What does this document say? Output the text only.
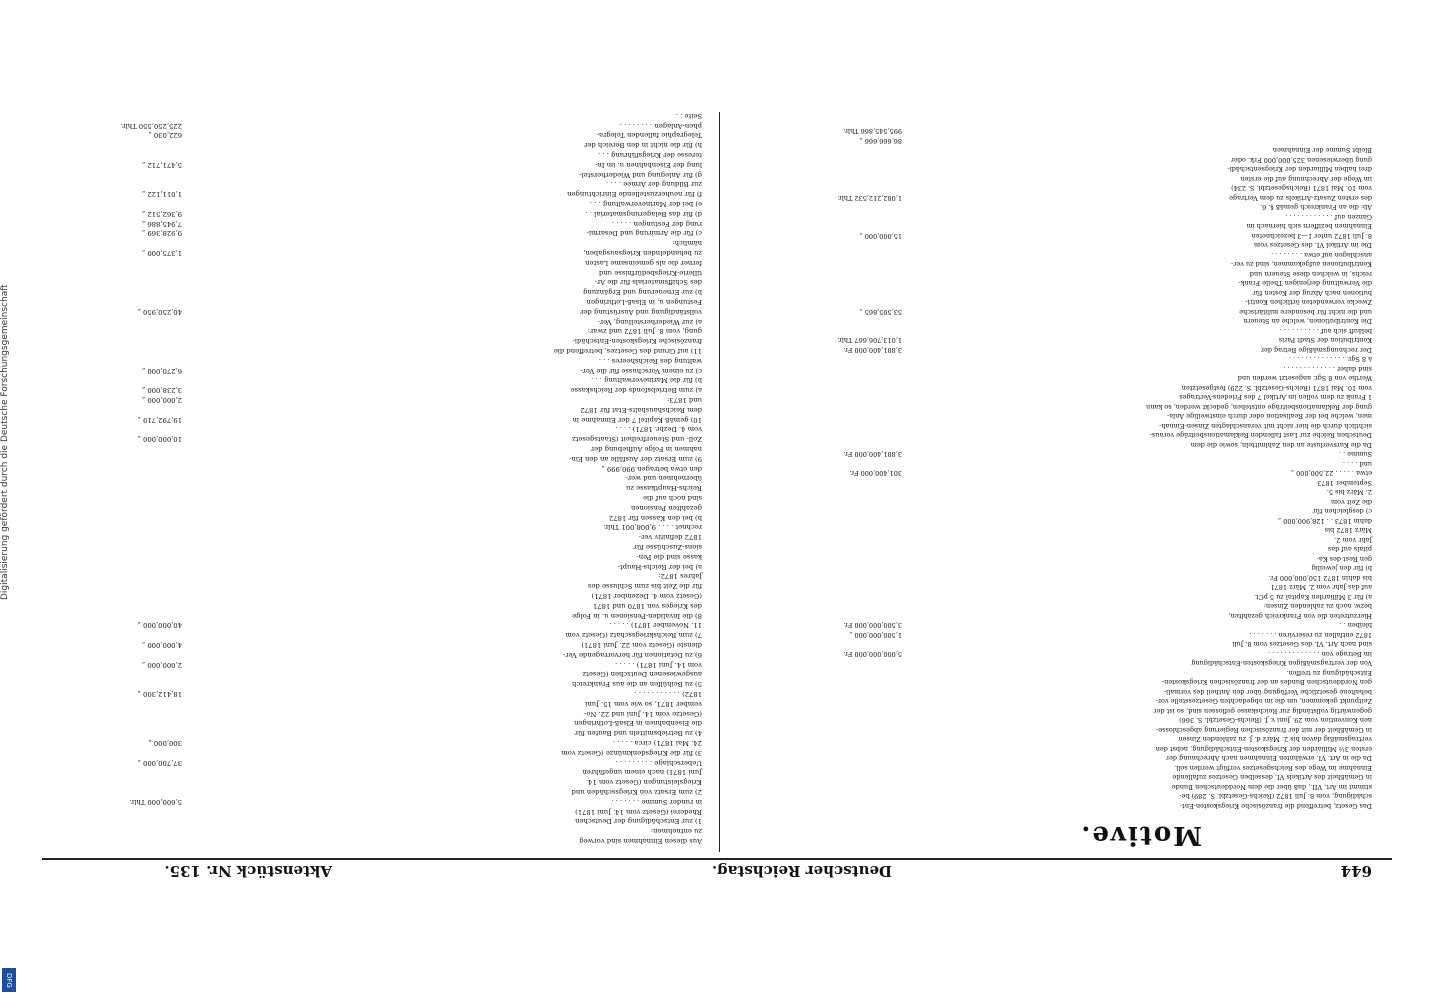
644
Deutscher Reichstag.
Aktenstück Nr. 135.
Motive.
Das Gesetz, betreffend die französische Kriegskosten-Ent-
schädigung, vom 8. Juli 1872 (Reichs-Gesetzbl. S. 289) be-
stimmt im Art. VII., daß über die dem Norddeutschen Bunde
in Gemäßheit des Artikels VI. desselben Gesetzes zufallende
Einnahme im Wege des Reichsgesetzes verfügt werden soll.
Da die in Art. VI. erwähnten Einnahmen nach Abrechnung der
ersten 3½ Milliarden der Kriegskosten-Entschädigung, nebst den
vertragsmäßig davon bis 2. März d. J. zu zahlenden Zinsen
in Gemäßheit der mit der französischen Regierung abgeschlosse-
nen Konvention vom 29. Juni v. J. (Reichs-Gesetzbl. S. 366)
gegenwärtig vollständig zur Reichskasse geflossen sind, so ist der
Zeitpunkt gekommen, um die im obgedachten Gesetzesstelle vor-
behaltene gesetzliche Verfügung über den Antheil des vormali-
gen Norddeutschen Bundes an der französischen Kriegskosten-
Entschädigung zu treffen.
Von der vertragsmäßigen Kriegskosten-Entschädigung
im Betrage von . . . . . . . . . . . . .
sind nach Art. VI. des Gesetzes vom 8. Juli
1872 entfallen zu reserviren . . . . . . .
bleiben . .
Hierzutreten die von Frankreich gezahlten,
bezw. noch zu zahlenden Zinsen:
a) für 3 Milliarden Kapital zu 5 pCt.
auf das Jahr vom 2. März 1871
bis dahin 1872 150,000,000 Fr.
b) für den jeweilig
gen Rest des Ka-
pitals auf das
Jahr vom 2.
März 1872 bis
dahin 1873 . . 128,900,000 „
c) desgleichen für
die Zeit vom
2. März bis 5.
September 1873
etwa . . . . . 22,500,000 „
und . . . .
Summe . .
Da die Kursverluste an den Zahlmitteln, sowie die dem
Deutschen Reiche zur Last fallenden Reklamationsbeiträge voraus-
sichtlich durch die hier nicht mit veranschlagten Zinsen-Einnah-
men, welche bei der Realisation oder durch einstweilige Anla-
gung der Reklamationsbeiträge entstehen, gedeckt werden, so kann
1 Frank zu dem vollen im Artikel 7 des Friedens-Vertrages
vom 10. Mai 1871 (Reichs-Gesetzbl. S. 229) festgesetzten
Werthe von 8 Sgr. angesetzt werden und
sind daher . . . . . . . . . . . . .
à 8 Sgr. . . . . . . . . . . . . . .
Der rechnungsmäßige Betrag der
Kontribution der Stadt Paris
beläuft sich auf . . . . . . . . . .
Die Kontributionen, welche an Steuern
und die nicht für besondere militärische
Zwecke verwendeten örtlichen Kontri-
butionen nach Abzug der Kosten für
die Verwaltung derjenigen Theile Frank-
reichs, in welchen diese Steuern und
Kontributionen aufgekommen, sind zu ver-
anschlagen auf etwa . . . . . . . .
Die im Artikel VI. des Gesetzes vom
8. Juli 1872 unter 1—3 bezeichneten
Einnahmen beziffern sich hiernach im
Ganzen auf . . . . . . . . . . . .
Ab: die an Frankreich gemäß §. 6.
des ersten Zusatz-Artikels zu dem Vertrage
vom 10. Mai 1871 (Reichsgesetzbl. S. 234)
im Wege der Abrechnung auf die ersten
drei halben Milliarden der Kriegsentschädi-
gung überwiesenen 325,000,000 Frk. oder
Bleibt Summe der Einnahmen
5,000,000,000 Fr.
1,500,000,000 „
3,500,000,000 Fr.
301,400,000 Fr.
3,801,400,000 Fr.
3,801,400,000 Fr.
1,013,706,667 Thlr.
53,505,865 „
15,000,000 „
1,082,212,532 Thlr.
86,666,666 „
995,545,866 Thlr.
Aus diesen Einnahmen sind vorweg
zu entnehmen:
1) zur Entschädigung der Deutschen
Rhederei (Gesetz vom 14. Juni 1871)
in runder Summe . . . . . . .
2) zum Ersatz von Kriegsschäden und
Kriegsleistungen (Gesetz vom 14.
Juni 1871) nach einem ungefähren
Ueberschlage . . . . . . . . .
3) für die Kriegsdenkmünze (Gesetz vom
24. Mai 1871) circa . . . . .
4) zu Betriebsmitteln und Bauten für
die Eisenbahnen in Elsaß-Lothringen
(Gesetze vom 14. Juni und 22. No-
vember 1871, so wie vom 15. Juni
1872) . . . . . . . . . . .
5) zu Beihülfen an die aus Frankreich
ausgewiesenen Deutschen (Gesetz
vom 14. Juni 1871) . . . . .
6) zu Dotationen für hervorragende Ver-
dienste (Gesetz vom 22. Juni 1871)
7) zum Reichskriegsschatz (Gesetz vom
11. November 1871) . . . . .
8) die Invaliden-Pensionen u. in Folge
des Krieges von 1870 und 1871
(Gesetz vom 4. Dezember 1871)
für die Zeit bis zum Schlusse des
Jahres 1872:
a) bei der Reichs-Haupt-
kasse sind die Pen-
sions-Zuschüsse für
1872 definitiv ver-
rechnet . . . . 9,008,001 Thlr.
b) bei den Kassen für 1872
gezahlten Pensionen
sind noch auf die
Reichs-Hauptkasse zu
übernehmen und wer-
den etwa betragen 990,999 „
9) zum Ersatz der Ausfälle an den Ein-
nahmen in Folge Aufhebung der
Zoll- und Steuerfreiheit (Staatsgesetz
vom 4. Dezbr. 1871) . . . .
10) gemäß Kapitel 7 der Einnahme in
dem Reichshaushalts-Etat für 1872
und 1873:
a) zum Betriebsfonds der Reichskasse
b) für die Marineverwaltung . . .
c) zu einem Vorschusse für die Ver-
waltung des Reichsheeres . . .
11) auf Grund des Gesetzes, betreffend die
französische Kriegskosten-Entschädi-
gung, vom 8. Juli 1872 und zwar:
a) zur Wiederherstellung, Ver-
vollständigung und Ausrüstung der
Festungen u. in Elsaß-Lothringen
b) zur Erneuerung und Ergänzung
des Schiffsmaterials für die Ar-
tillerie-Kriegsbedürfnisse und
ferner die als gemeinsame Lasten
zu behandelnden Kriegsausgaben,
nämlich:
c) für die Armirung und Desarmi-
rung der Festungen . . . . .
d) für das Belagerungsmaterial . .
e) bei der Marineverwaltung . . .
f) für neuherzustellende Einrichtungen
zur Bildung der Armee . . . .
g) für Anlegung und Wiederherstel-
lung der Eisenbahnen u. im In-
teresse der Kriegsführung . . .
h) für die nicht in den Bereich der
Telegraphie fallenden Telegra-
phen-Anlagen . . . . . . . .
Seite . .
5,600,000 Thlr.
37,700,000 „
300,000 „
18,412,300 „
2,000,000 „
4,000,000 „
40,000,000 „
10,000,000 „
19,792,719 „
2,000,000 „
3,238,000 „
6,270,000 „
40,250,950 „
1,375,000 „
9,928,369 „
7,945,886 „
9,362,512 „
1,011,122 „
5,471,712 „
622,030 „
225,250,550 Thlr.
Digitalisierung gefördert durch die Deutsche Forschungsgemeinschaft
DFG
